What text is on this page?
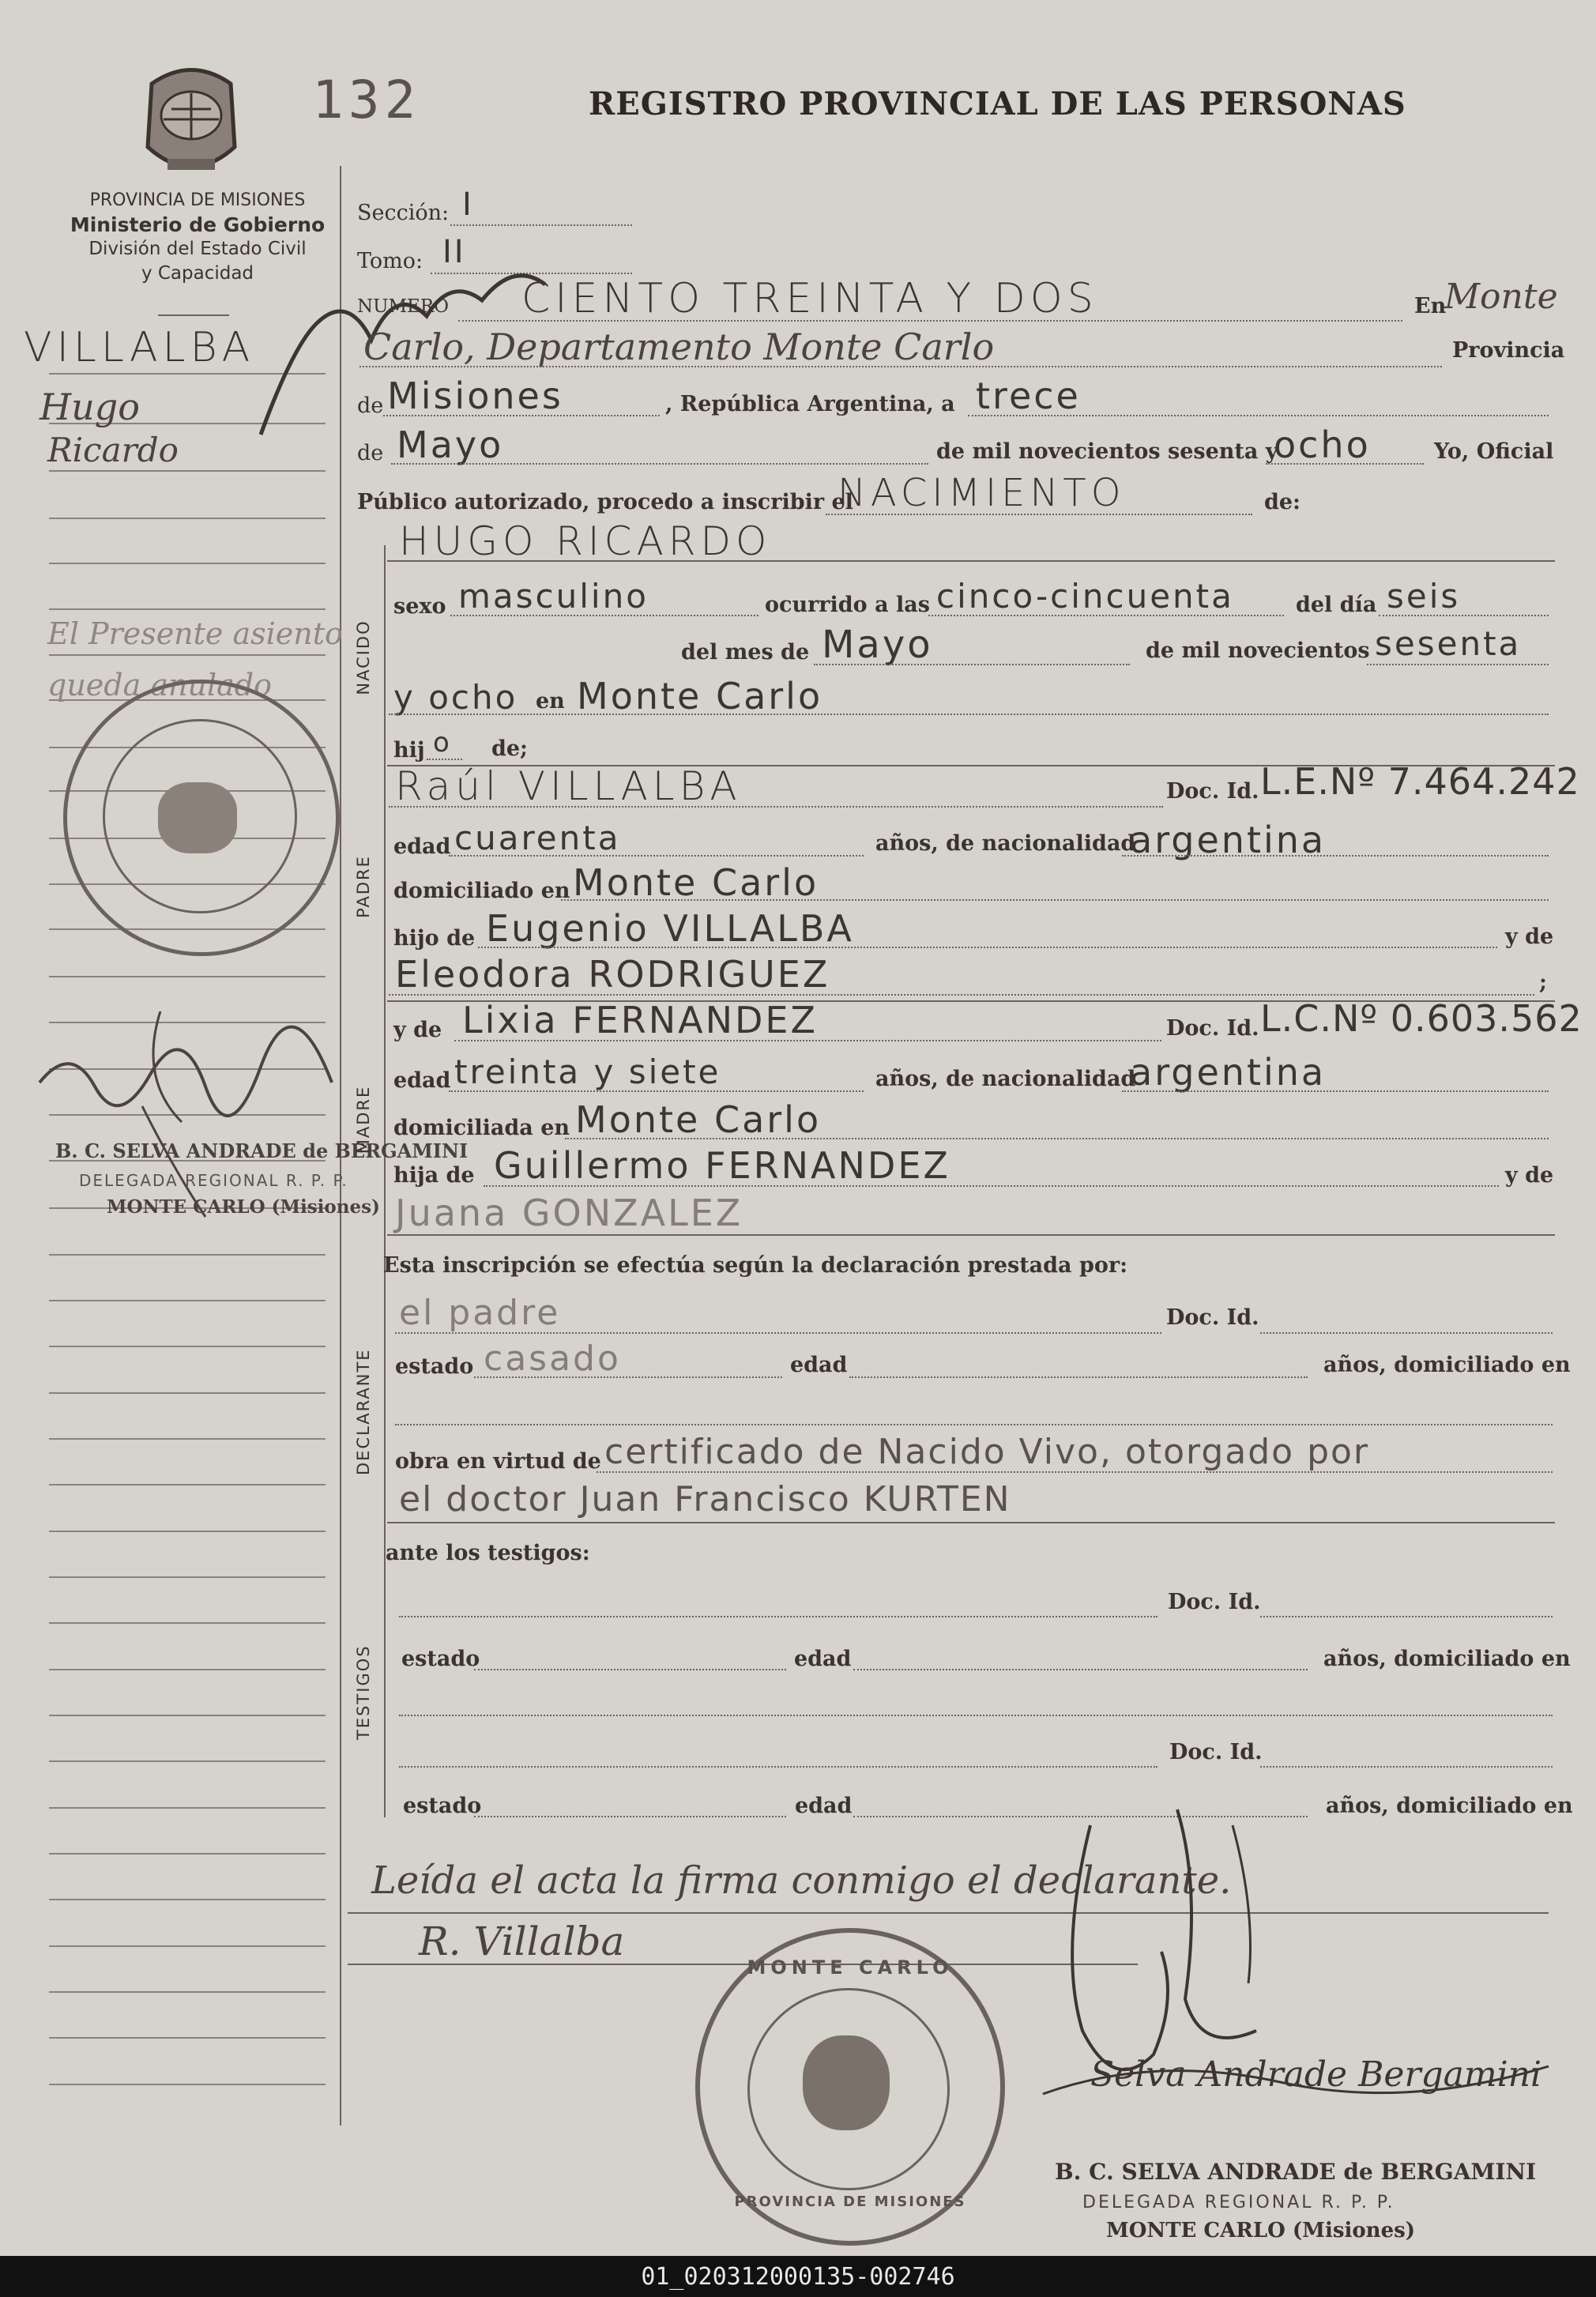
132	REGISTRO PROVINCIAL DE LAS PERSONAS
PROVINCIA DE MISIONES
Ministerio de Gobierno
División del Estado Civil
y Capacidad
VILLALBA
Hugo
Ricardo
El Presente asiento
queda anulado
B. C. SELVA ANDRADE de BERGAMINI
DELEGADA REGIONAL R. P. P.
MONTE CARLO (Misiones)
Sección: I
Tomo: II
NUMERO CIENTO TREINTA Y DOS	En
Monte
Carlo, Departamento Monte Carlo	Provincia
de Misiones	, República Argentina, a trece
de Mayo	de mil novecientos sesenta y
ocho	Yo, Oficial
Público autorizado, procedo a inscribir el
NACIMIENTO	de:
NACIDO
HUGO RICARDO
sexo masculino	ocurrido a las cinco-cincuenta	del día seis
del mes de Mayo	de mil novecientos sesenta
y ocho en Monte Carlo
hij o de;
PADRE
Raúl VILLALBA	Doc. Id. L.E.Nº 7.464.242
edad cuarenta	años, de nacionalidad
argentina
domiciliado en Monte Carlo
hijo de Eugenio VILLALBA	y de
Eleodora RODRIGUEZ	;
MADRE
y de Lixia FERNANDEZ	Doc. Id. L.C.Nº 0.603.562
edad treinta y siete	años, de nacionalidad
argentina
domiciliada en Monte Carlo
hija de Guillermo FERNANDEZ	y de
Juana GONZALEZ
Esta inscripción se efectúa según la declaración prestada por:
DECLARANTE
el padre	Doc. Id.
estado casado	edad	años, domiciliado en
obra en virtud de certificado de Nacido Vivo, otorgado por
el doctor Juan Francisco KURTEN
ante los testigos:
TESTIGOS
Doc. Id.
estado	edad	años, domiciliado en
Doc. Id.
estado	edad	años, domiciliado en
Leída el acta la firma conmigo el declarante.
R. Villalba
MONTE CARLO
PROVINCIA DE MISIONES
Selva Andrade Bergamini
B. C. SELVA ANDRADE de BERGAMINI
DELEGADA REGIONAL R. P. P.
MONTE CARLO (Misiones)
01_020312000135-002746
